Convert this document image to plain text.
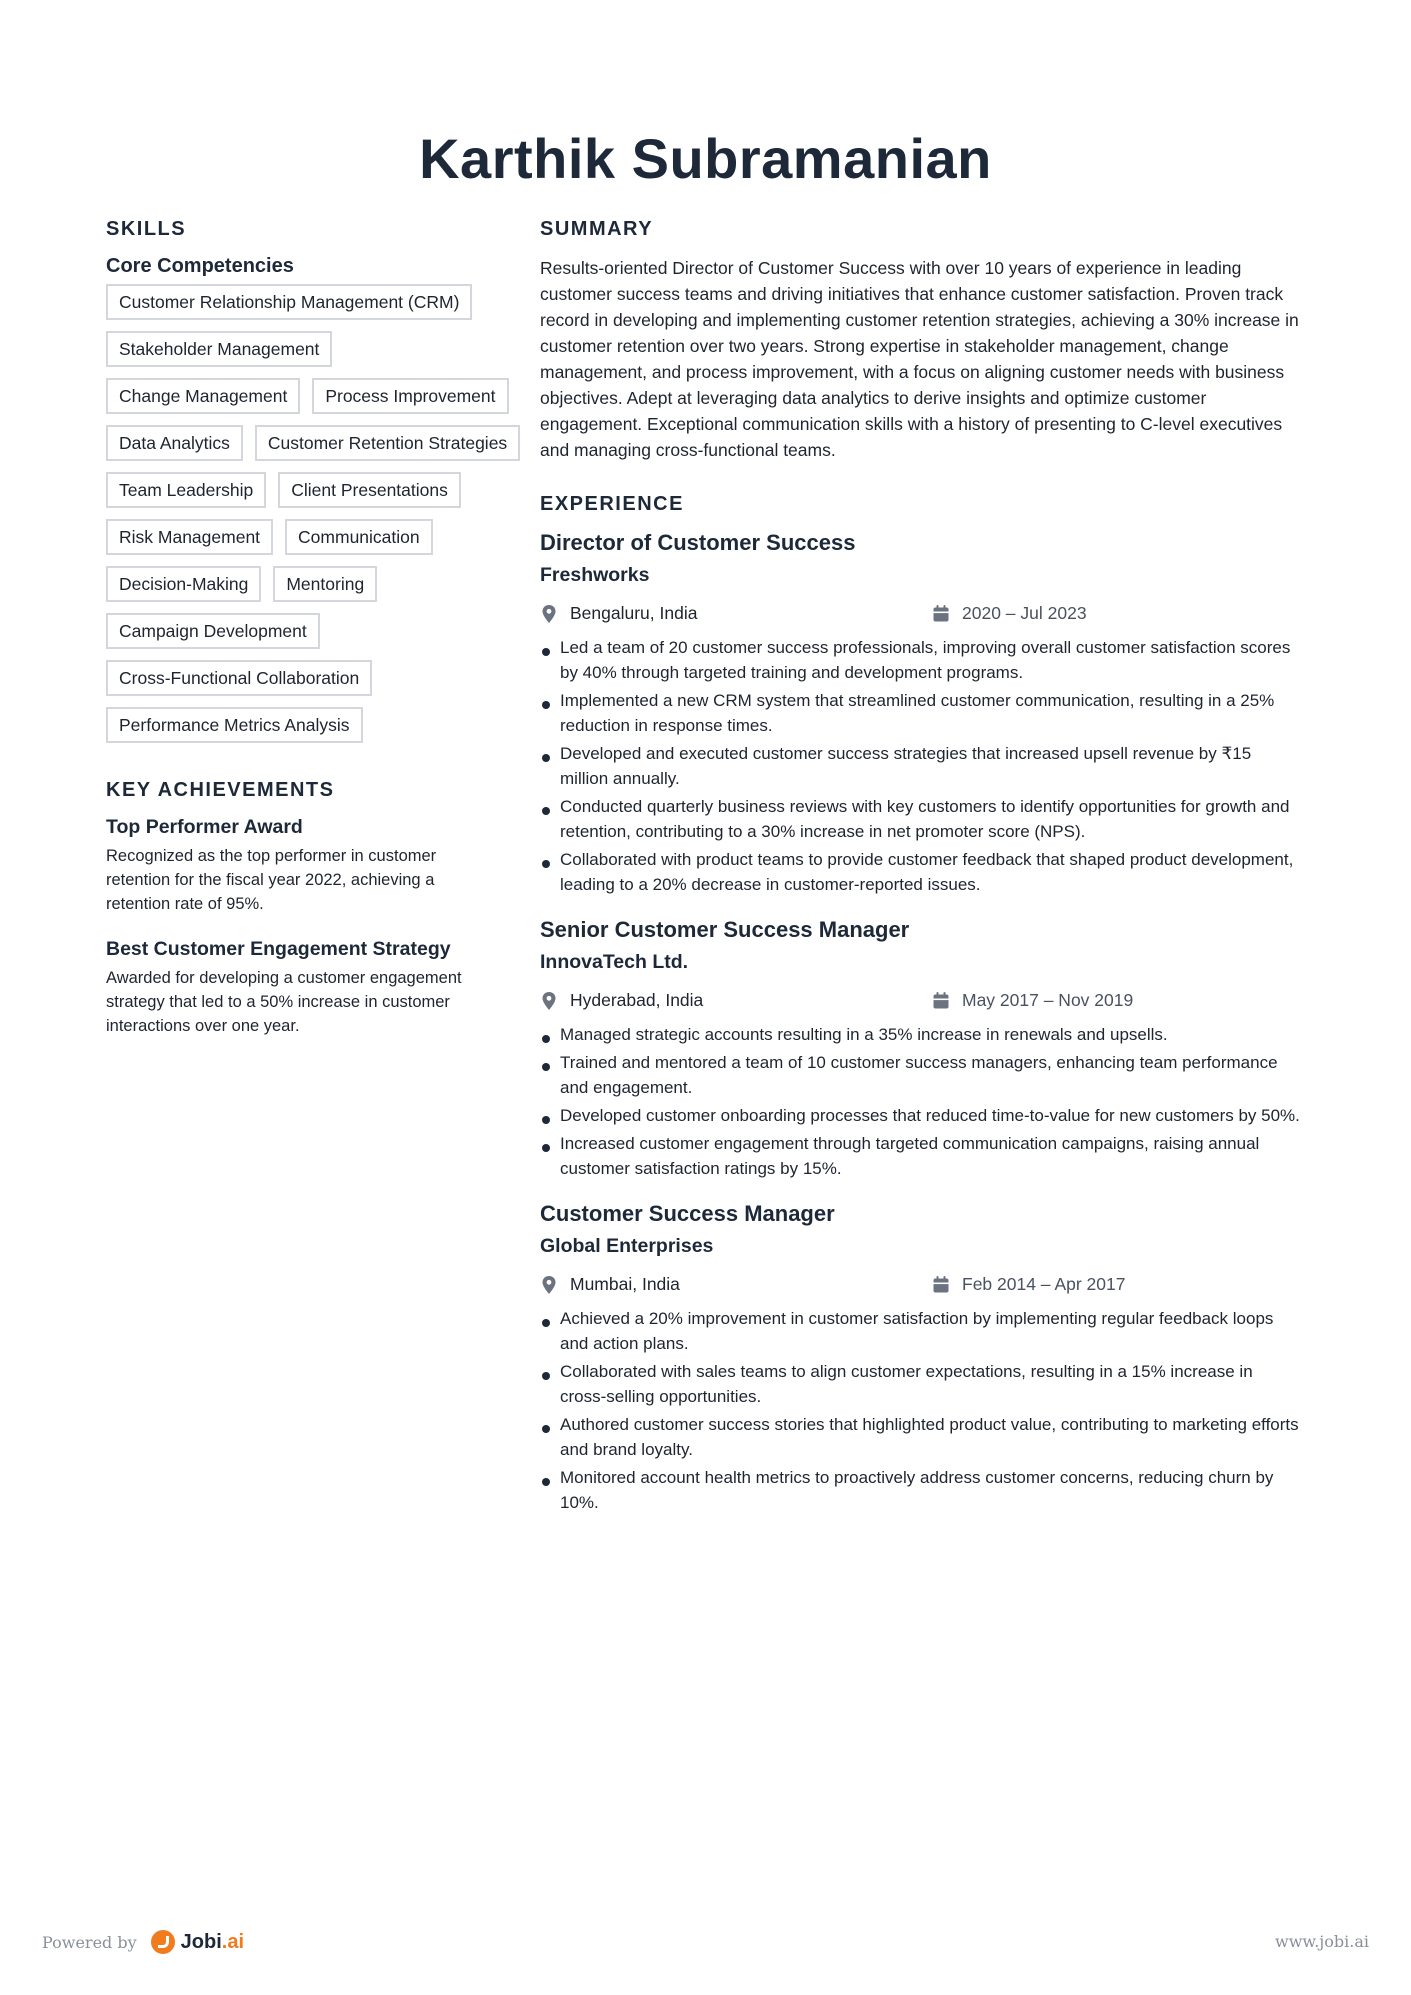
Karthik Subramanian
SKILLS
Core Competencies
Customer Relationship Management (CRM)
Stakeholder Management
Change Management	Process Improvement
Data Analytics	Customer Retention Strategies
Team Leadership	Client Presentations
Risk Management	Communication
Decision-Making	Mentoring
Campaign Development
Cross-Functional Collaboration
Performance Metrics Analysis
KEY ACHIEVEMENTS
Top Performer Award

Recognized as the top performer in customer retention for the fiscal year 2022, achieving a retention rate of 95%.

Best Customer Engagement Strategy

Awarded for developing a customer engagement strategy that led to a 50% increase in customer interactions over one year.

SUMMARY

Results-oriented Director of Customer Success with over 10 years of experience in leading customer success teams and driving initiatives that enhance customer satisfaction. Proven track record in developing and implementing customer retention strategies, achieving a 30% increase in customer retention over two years. Strong expertise in stakeholder management, change management, and process improvement, with a focus on aligning customer needs with business objectives. Adept at leveraging data analytics to derive insights and optimize customer engagement. Exceptional communication skills with a history of presenting to C-level executives and managing cross-functional teams.

EXPERIENCE
Director of Customer Success
Freshworks
Bengaluru, India	2020 – Jul 2023
Led a team of 20 customer success professionals, improving overall customer satisfaction scores by 40% through targeted training and development programs.
Implemented a new CRM system that streamlined customer communication, resulting in a 25% reduction in response times.
Developed and executed customer success strategies that increased upsell revenue by ₹15 million annually.
Conducted quarterly business reviews with key customers to identify opportunities for growth and retention, contributing to a 30% increase in net promoter score (NPS).
Collaborated with product teams to provide customer feedback that shaped product development, leading to a 20% decrease in customer-reported issues.
Senior Customer Success Manager
InnovaTech Ltd.
Hyderabad, India	May 2017 – Nov 2019
Managed strategic accounts resulting in a 35% increase in renewals and upsells.
Trained and mentored a team of 10 customer success managers, enhancing team performance and engagement.
Developed customer onboarding processes that reduced time-to-value for new customers by 50%.
Increased customer engagement through targeted communication campaigns, raising annual customer satisfaction ratings by 15%.
Customer Success Manager
Global Enterprises
Mumbai, India	Feb 2014 – Apr 2017
Achieved a 20% improvement in customer satisfaction by implementing regular feedback loops and action plans.
Collaborated with sales teams to align customer expectations, resulting in a 15% increase in cross-selling opportunities.
Authored customer success stories that highlighted product value, contributing to marketing efforts and brand loyalty.
Monitored account health metrics to proactively address customer concerns, reducing churn by 10%.
Powered by Jobi.ai	www.jobi.ai
